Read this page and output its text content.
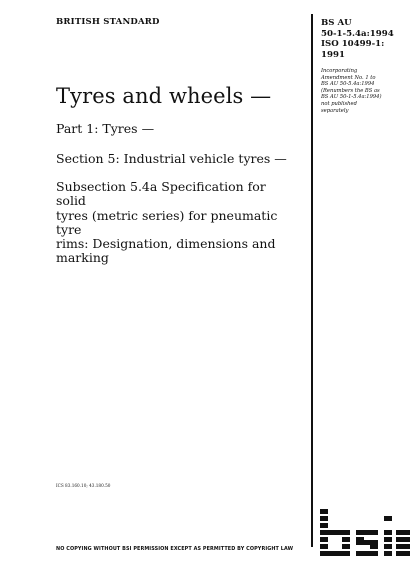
BRITISH STANDARD
Tyres and wheels —
Part 1: Tyres —
Section 5: Industrial vehicle tyres —
Subsection 5.4a Specification for solid
tyres (metric series) for pneumatic tyre
rims: Designation, dimensions and
marking
ICS 83.160.10; 43.180.50
NO COPYING WITHOUT BSI PERMISSION EXCEPT AS PERMITTED BY COPYRIGHT LAW
BS AU
50-1-5.4a:1994
ISO 10499-1:
1991
Incorporating
Amendment No. 1 to
BS AU 50-5.4a:1994
(Renumbers the BS as
BS AU 50-1-5.4a:1994)
not published
separately
